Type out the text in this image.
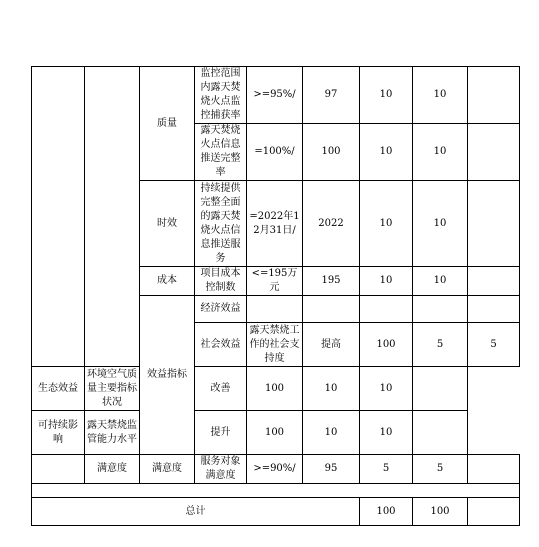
		质量	监控范围内露天焚烧火点监控捕获率	>=95%/	97	10	10		
			露天焚烧火点信息推送完整率	=100%/	100	10	10		
		时效	持续提供完整全面的露天焚烧火点信息推送服务	=2022年12月31日/	2022	10	10		
		成本	项目成本控制数	<=195万元	195	10	10		
		效益指标	经济效益						
			社会效益	露天禁烧工作的社会支持度	提高	100	5	5	
生态效益	环境空气质量主要指标状况		改善	100	10	10			
可持续影响	露天禁烧监管能力水平		提升	100	10	10			
	满意度	满意度	服务对象满意度	>=90%/	95	5	5		

总计						100	100		
